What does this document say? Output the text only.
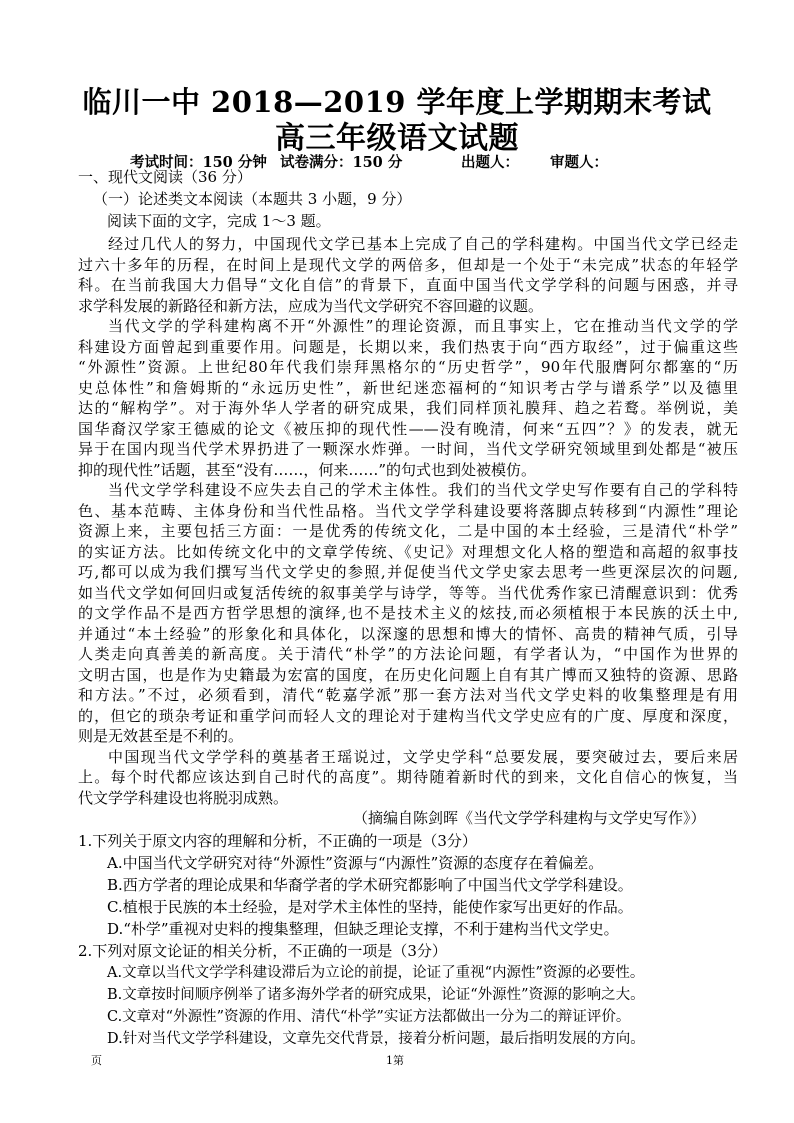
临川一中 2018—2019 学年度上学期期末考试
高三年级语文试题
考试时间：150 分钟 试卷满分：150 分	出题人： 审题人：
一、现代文阅读（36 分）
（一）论述类文本阅读（本题共 3 小题，9 分）
阅读下面的文字，完成 1～3 题。
经过几代人的努力，中国现代文学已基本上完成了自己的学科建构。中国当代文学已经走
过六十多年的历程，在时间上是现代文学的两倍多，但却是一个处于“未完成”状态的年轻学
科。在当前我国大力倡导“文化自信”的背景下，直面中国当代文学学科的问题与困惑，并寻
求学科发展的新路径和新方法，应成为当代文学研究不容回避的议题。
当代文学的学科建构离不开“外源性”的理论资源，而且事实上，它在推动当代文学的学
科建设方面曾起到重要作用。问题是，长期以来，我们热衷于向“西方取经”，过于偏重这些
“外源性”资源。上世纪80年代我们崇拜黑格尔的“历史哲学”，90年代服膺阿尔都塞的“历
史总体性”和詹姆斯的“永远历史性”，新世纪迷恋福柯的“知识考古学与谱系学”以及德里
达的“解构学”。对于海外华人学者的研究成果，我们同样顶礼膜拜、趋之若鹜。举例说，美
国华裔汉学家王德威的论文《被压抑的现代性——没有晚清，何来“五四”？》的发表，就无
异于在国内现当代学术界扔进了一颗深水炸弹。一时间，当代文学研究领域里到处都是“被压
抑的现代性”话题，甚至“没有……，何来……”的句式也到处被模仿。
当代文学学科建设不应失去自己的学术主体性。我们的当代文学史写作要有自己的学科特
色、基本范畴、主体身份和当代性品格。当代文学学科建设要将落脚点转移到“内源性”理论
资源上来，主要包括三方面：一是优秀的传统文化，二是中国的本土经验，三是清代“朴学”
的实证方法。比如传统文化中的文章学传统、《史记》对理想文化人格的塑造和高超的叙事技
巧,都可以成为我们撰写当代文学史的参照,并促使当代文学史家去思考一些更深层次的问题,
如当代文学如何回归或复活传统的叙事美学与诗学，等等。当代优秀作家已清醒意识到：优秀
的文学作品不是西方哲学思想的演绎,也不是技术主义的炫技,而必须植根于本民族的沃土中,
并通过“本土经验”的形象化和具体化，以深邃的思想和博大的情怀、高贵的精神气质，引导
人类走向真善美的新高度。关于清代“朴学”的方法论问题，有学者认为，“中国作为世界的
文明古国，也是作为史籍最为宏富的国度，在历史化问题上自有其广博而又独特的资源、思路
和方法。”不过，必须看到，清代“乾嘉学派”那一套方法对当代文学史料的收集整理是有用
的，但它的琐杂考证和重学问而轻人文的理论对于建构当代文学史应有的广度、厚度和深度，
则是无效甚至是不利的。
中国现当代文学学科的奠基者王瑶说过，文学史学科“总要发展，要突破过去，要后来居
上。每个时代都应该达到自己时代的高度”。期待随着新时代的到来，文化自信心的恢复，当
代文学学科建设也将脱羽成熟。
（摘编自陈剑晖《当代文学学科建构与文学史写作》）
1.下列关于原文内容的理解和分析，不正确的一项是（3分）
A.中国当代文学研究对待“外源性”资源与“内源性”资源的态度存在着偏差。
B.西方学者的理论成果和华裔学者的学术研究都影响了中国当代文学学科建设。
C.植根于民族的本土经验，是对学术主体性的坚持，能使作家写出更好的作品。
D.“朴学”重视对史料的搜集整理，但缺乏理论支撑，不利于建构当代文学史。
2.下列对原文论证的相关分析，不正确的一项是（3分）
A.文章以当代文学学科建设滞后为立论的前提，论证了重视“内源性”资源的必要性。
B.文章按时间顺序例举了诸多海外学者的研究成果，论证“外源性”资源的影响之大。
C.文章对“外源性”资源的作用、清代“朴学”实证方法都做出一分为二的辩证评价。
D.针对当代文学学科建设，文章先交代背景，接着分析问题，最后指明发展的方向。
页	1第
